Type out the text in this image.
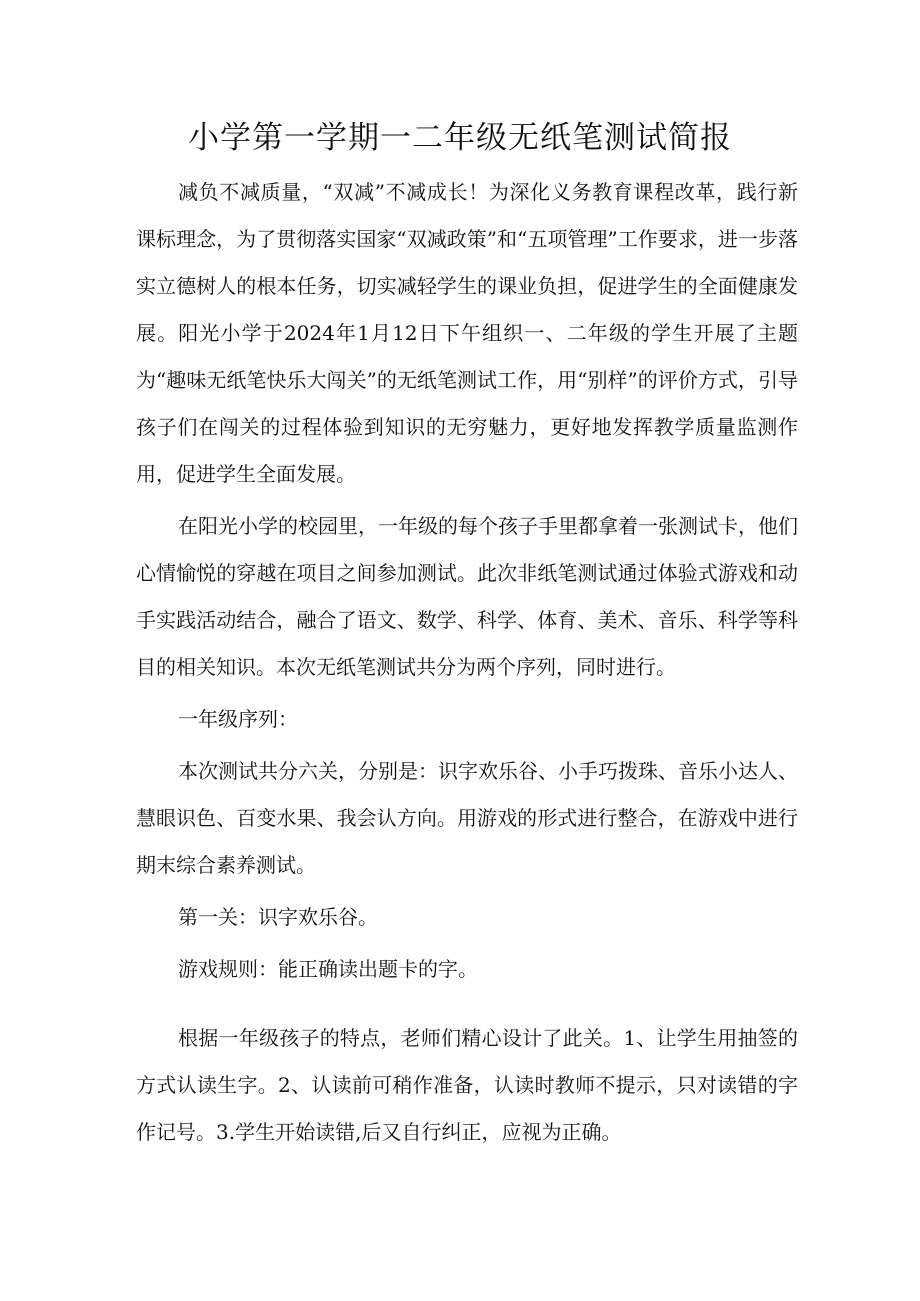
小学第一学期一二年级无纸笔测试简报

减负不减质量，“双减”不减成长！为深化义务教育课程改革，践行新课标理念，为了贯彻落实国家“双减政策”和“五项管理”工作要求，进一步落实立德树人的根本任务，切实减轻学生的课业负担，促进学生的全面健康发展。阳光小学于2024年1月12日下午组织一、二年级的学生开展了主题为“趣味无纸笔快乐大闯关”的无纸笔测试工作，用“别样”的评价方式，引导孩子们在闯关的过程体验到知识的无穷魅力，更好地发挥教学质量监测作用，促进学生全面发展。

在阳光小学的校园里，一年级的每个孩子手里都拿着一张测试卡，他们心情愉悦的穿越在项目之间参加测试。此次非纸笔测试通过体验式游戏和动手实践活动结合，融合了语文、数学、科学、体育、美术、音乐、科学等科目的相关知识。本次无纸笔测试共分为两个序列，同时进行。

一年级序列：

本次测试共分六关，分别是：识字欢乐谷、小手巧拨珠、音乐小达人、慧眼识色、百变水果、我会认方向。用游戏的形式进行整合，在游戏中进行期末综合素养测试。

第一关：识字欢乐谷。

游戏规则：能正确读出题卡的字。

根据一年级孩子的特点，老师们精心设计了此关。1、让学生用抽签的方式认读生字。2、认读前可稍作准备，认读时教师不提示，只对读错的字作记号。3.学生开始读错,后又自行纠正，应视为正确。
